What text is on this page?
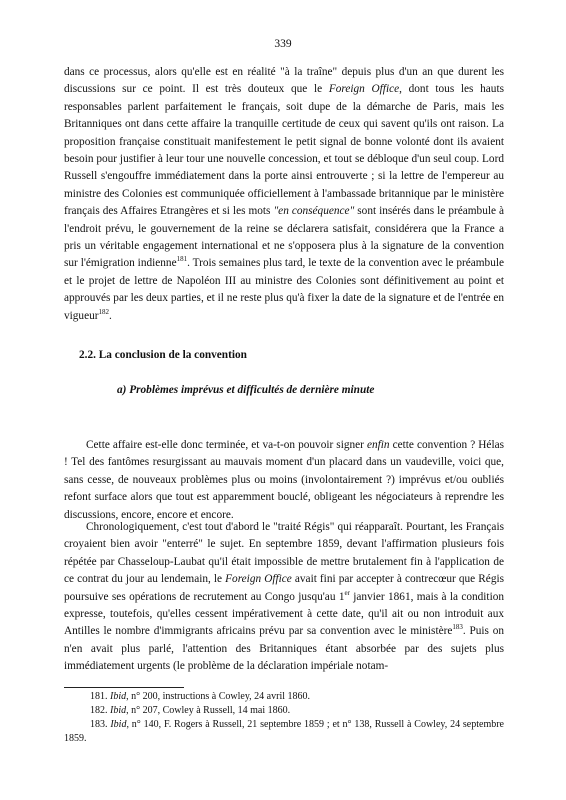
339

dans ce processus, alors qu'elle est en réalité "à la traîne" depuis plus d'un an que durent les discussions sur ce point. Il est très douteux que le Foreign Office, dont tous les hauts responsables parlent parfaitement le français, soit dupe de la démarche de Paris, mais les Britanniques ont dans cette affaire la tranquille certitude de ceux qui savent qu'ils ont raison. La proposition française constituait manifestement le petit signal de bonne volonté dont ils avaient besoin pour justifier à leur tour une nouvelle concession, et tout se débloque d'un seul coup. Lord Russell s'engouffre immédiatement dans la porte ainsi entrouverte ; si la lettre de l'empereur au ministre des Colonies est communiquée officiellement à l'ambassade britannique par le ministère français des Affaires Etrangères et si les mots "en conséquence" sont insérés dans le préambule à l'endroit prévu, le gouvernement de la reine se déclarera satisfait, considérera que la France a pris un véritable engagement international et ne s'opposera plus à la signature de la convention sur l'émigration indienne$^{181}$. Trois semaines plus tard, le texte de la convention avec le préambule et le projet de lettre de Napoléon III au ministre des Colonies sont définitivement au point et approuvés par les deux parties, et il ne reste plus qu'à fixer la date de la signature et de l'entrée en vigueur$^{182}$.

2.2. La conclusion de la convention
a) Problèmes imprévus et difficultés de dernière minute

Cette affaire est-elle donc terminée, et va-t-on pouvoir signer enfin cette convention ? Hélas ! Tel des fantômes resurgissant au mauvais moment d'un placard dans un vaudeville, voici que, sans cesse, de nouveaux problèmes plus ou moins (involontairement ?) imprévus et/ou oubliés refont surface alors que tout est apparemment bouclé, obligeant les négociateurs à reprendre les discussions, encore, encore et encore.

Chronologiquement, c'est tout d'abord le "traité Régis" qui réapparaît. Pourtant, les Français croyaient bien avoir "enterré" le sujet. En septembre 1859, devant l'affirmation plusieurs fois répétée par Chasseloup-Laubat qu'il était impossible de mettre brutalement fin à l'application de ce contrat du jour au lendemain, le Foreign Office avait fini par accepter à contrecœur que Régis poursuive ses opérations de recrutement au Congo jusqu'au 1er janvier 1861, mais à la condition expresse, toutefois, qu'elles cessent impérativement à cette date, qu'il ait ou non introduit aux Antilles le nombre d'immigrants africains prévu par sa convention avec le ministère$^{183}$. Puis on n'en avait plus parlé, l'attention des Britanniques étant absorbée par des sujets plus immédiatement urgents (le problème de la déclaration impériale notam-

181. Ibid, n° 200, instructions à Cowley, 24 avril 1860.
182. Ibid, n° 207, Cowley à Russell, 14 mai 1860.
183. Ibid, n° 140, F. Rogers à Russell, 21 septembre 1859 ; et n° 138, Russell à Cowley, 24 septembre 1859.
